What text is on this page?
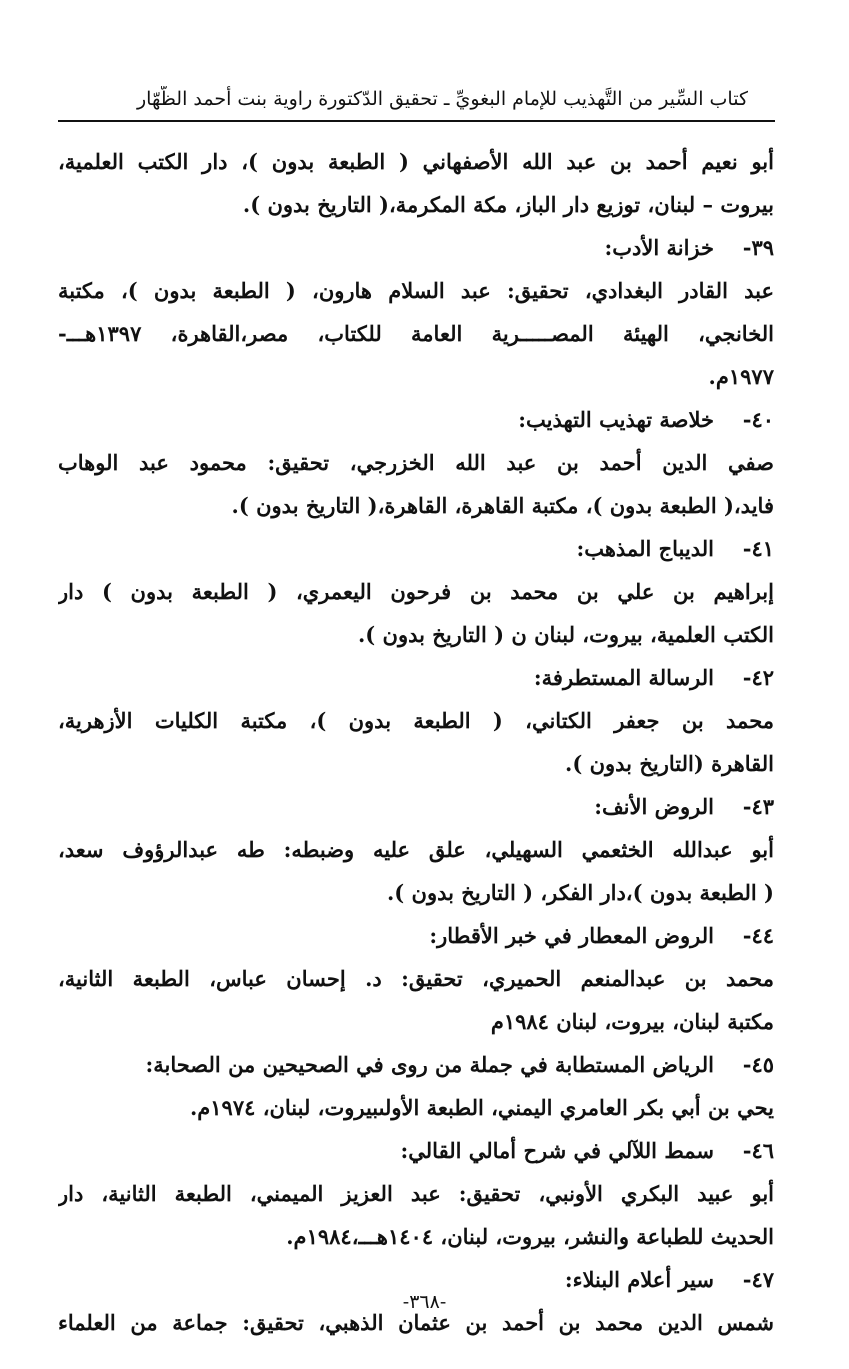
كتاب السِّير من التَّهذيب للإمام البغويِّ ـ تحقيق الدّكتورة راوية بنت أحمد الظّهّار
أبو نعيم أحمد بن عبد الله الأصفهاني ( الطبعة بدون )، دار الكتب العلمية،
بيروت – لبنان، توزيع دار الباز، مكة المكرمة،( التاريخ بدون ).
٣٩-
خزانة الأدب:
عبد القادر البغدادي، تحقيق: عبد السلام هارون، ( الطبعة بدون )، مكتبة
الخانجي، الهيئة المصـــــرية العامة للكتاب، مصر،القاهرة، ١٣٩٧هـــ-
١٩٧٧م.
٤٠-
خلاصة تهذيب التهذيب:
صفي الدين أحمد بن عبد الله الخزرجي، تحقيق: محمود عبد الوهاب
فايد،( الطبعة بدون )، مكتبة القاهرة، القاهرة،( التاريخ بدون ).
٤١-
الديباج المذهب:
إبراهيم بن علي بن محمد بن فرحون اليعمري، ( الطبعة بدون ) دار
الكتب العلمية، بيروت، لبنان ن ( التاريخ بدون ).
٤٢-
الرسالة المستطرفة:
محمد بن جعفر الكتاني، ( الطبعة بدون )، مكتبة الكليات الأزهرية،
القاهرة (التاريخ بدون ).
٤٣-
الروض الأنف:
أبو عبدالله الخثعمي السهيلي، علق عليه وضبطه: طه عبدالرؤوف سعد،
( الطبعة بدون )،دار الفكر، ( التاريخ بدون ).
٤٤-
الروض المعطار في خبر الأقطار:
محمد بن عبدالمنعم الحميري، تحقيق: د. إحسان عباس، الطبعة الثانية،
مكتبة لبنان، بيروت، لبنان ١٩٨٤م
٤٥-
الرياض المستطابة في جملة من روى في الصحيحين من الصحابة:
يحي بن أبي بكر العامري اليمني، الطبعة الأولىبيروت، لبنان، ١٩٧٤م.
٤٦-
سمط اللآلي في شرح أمالي القالي:
أبو عبيد البكري الأونبي، تحقيق: عبد العزيز الميمني، الطبعة الثانية، دار
الحديث للطباعة والنشر، بيروت، لبنان، ١٤٠٤هـــ،١٩٨٤م.
٤٧-
سير أعلام البنلاء:
شمس الدين محمد بن أحمد بن عثمان الذهبي، تحقيق: جماعة من العلماء
-٣٦٨-
